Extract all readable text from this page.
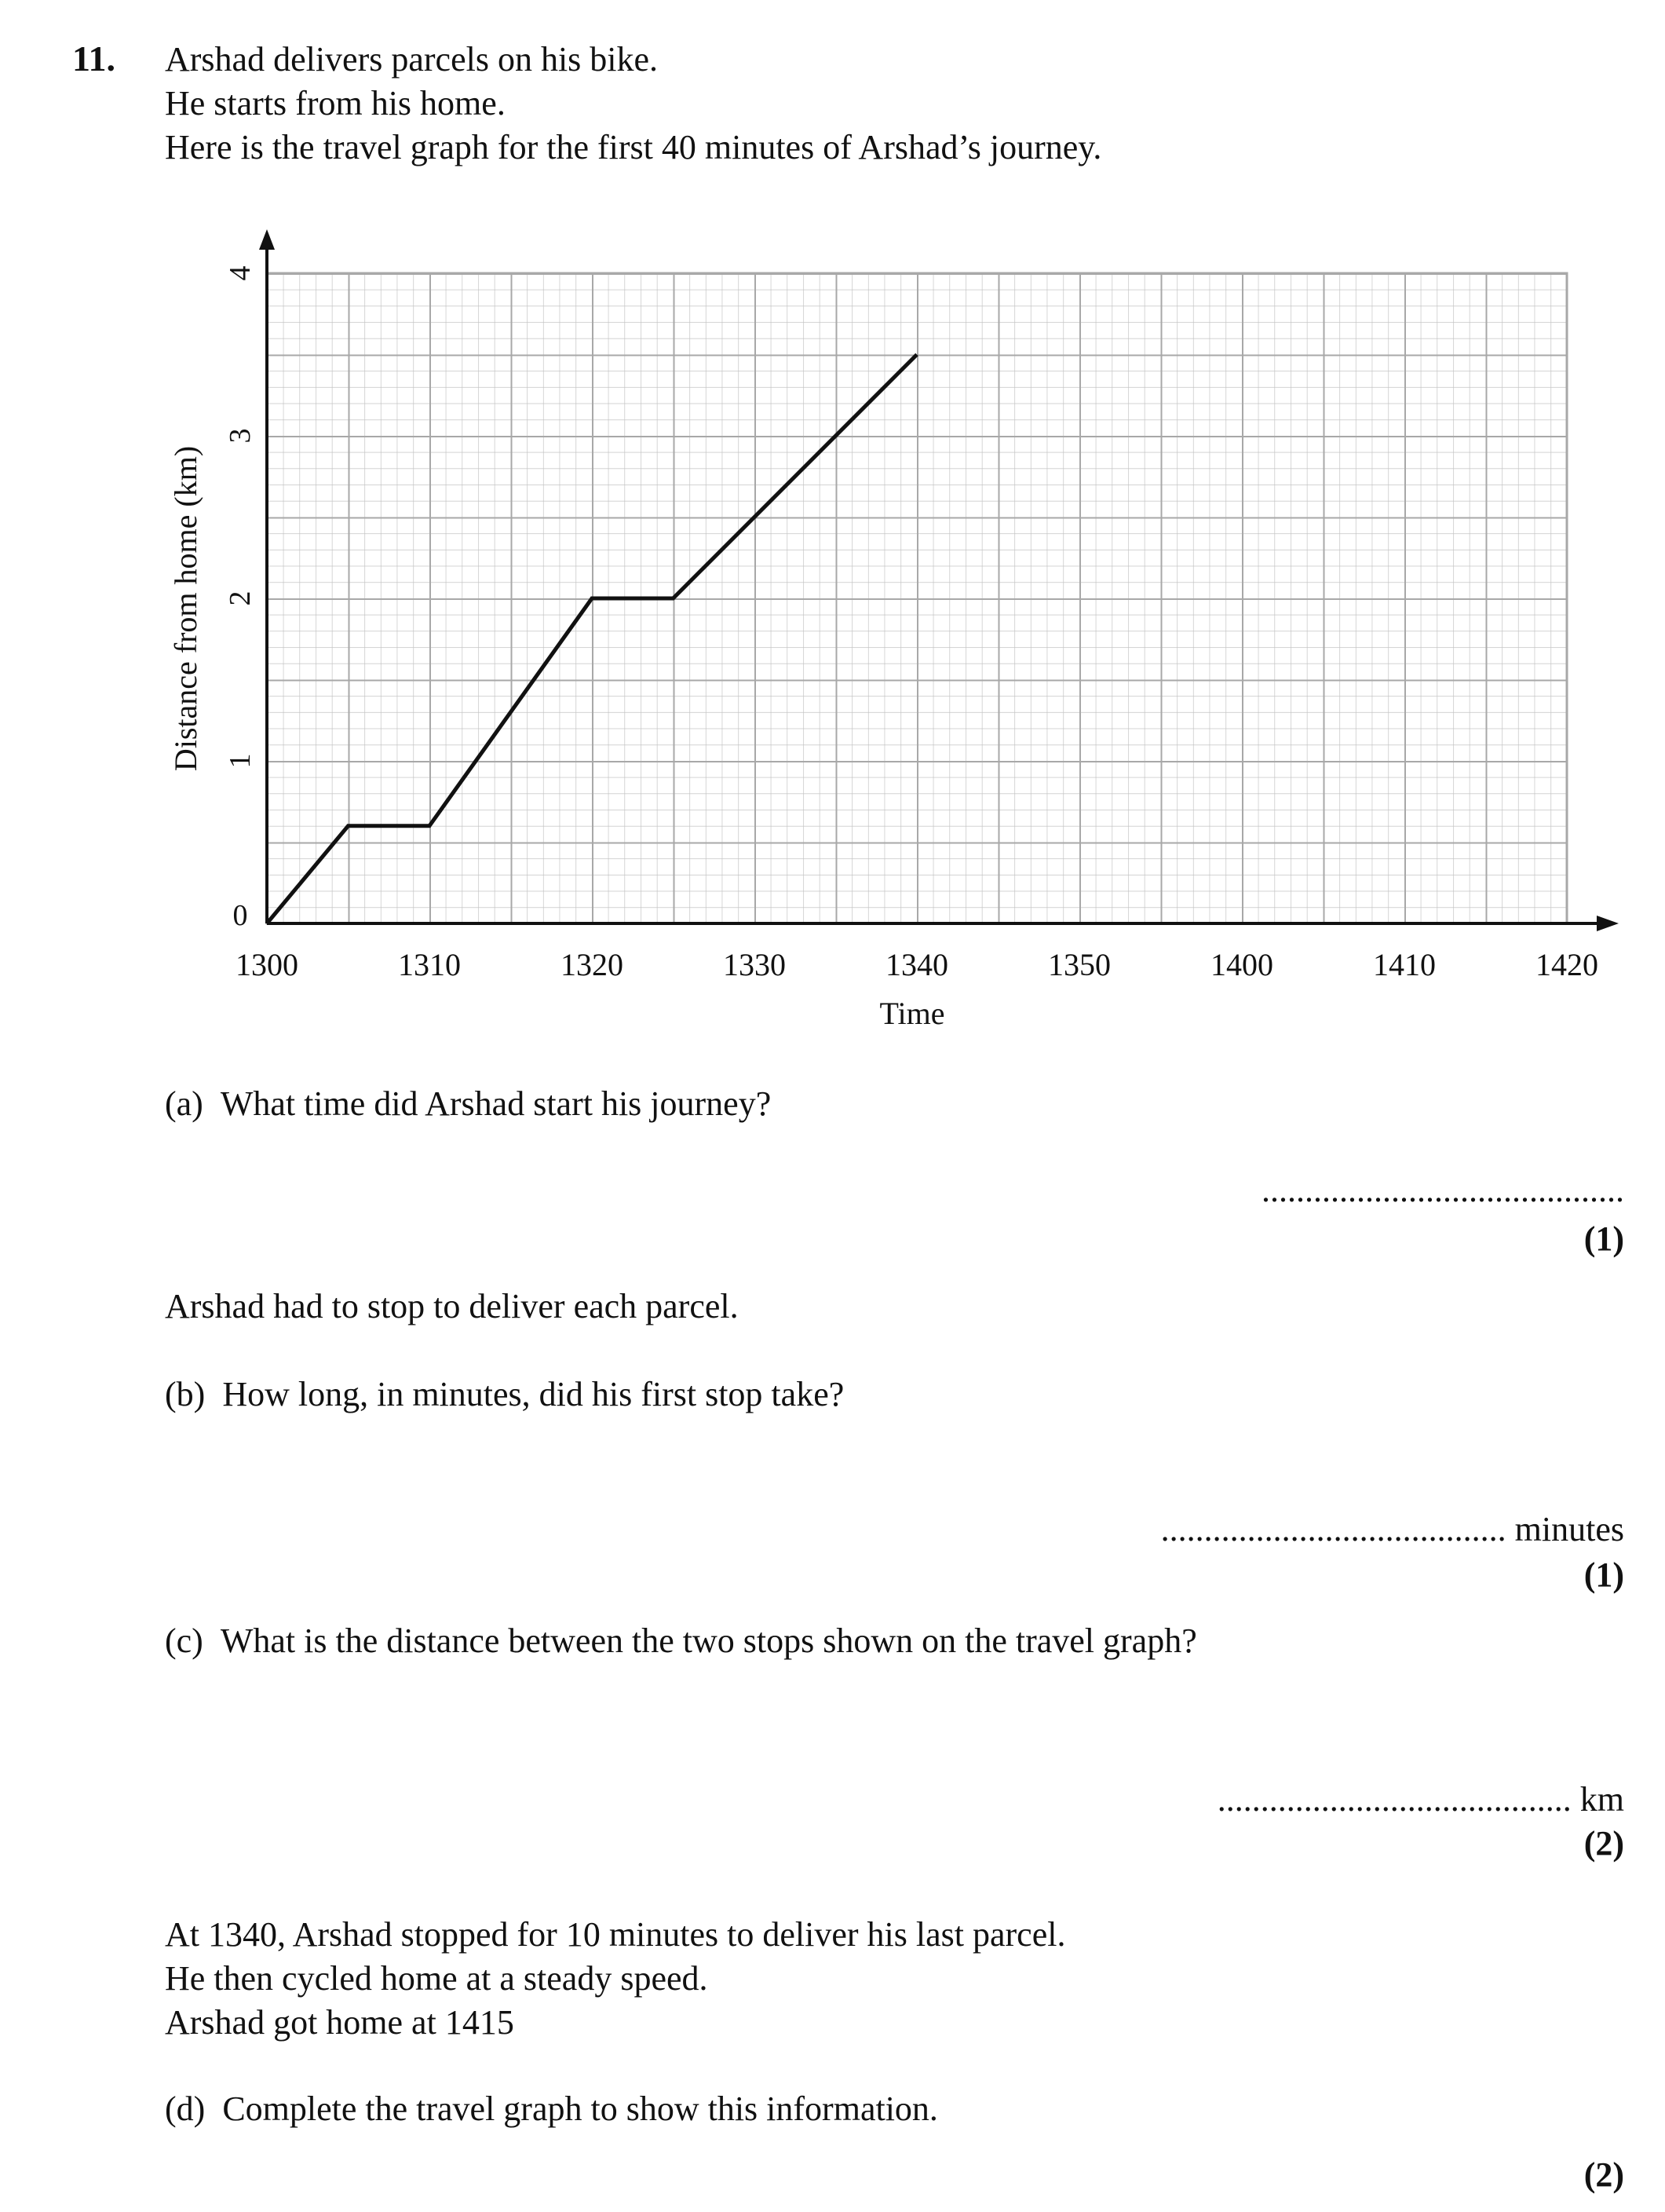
11. Arshad delivers parcels on his bike.
He starts from his home.
Here is the travel graph for the first 40 minutes of Arshad’s journey.
1300	1310	1320	1330	1340	1350	1400	1410	1420
0
1
2
3
4
Time
Distance from home (km)
(a) What time did Arshad start his journey?
..........................................
(1)
Arshad had to stop to deliver each parcel.
(b) How long, in minutes, did his first stop take?
........................................ minutes
(1)
(c) What is the distance between the two stops shown on the travel graph?
......................................... km
(2)
At 1340, Arshad stopped for 10 minutes to deliver his last parcel.
He then cycled home at a steady speed.
Arshad got home at 1415
(d) Complete the travel graph to show this information.
(2)
